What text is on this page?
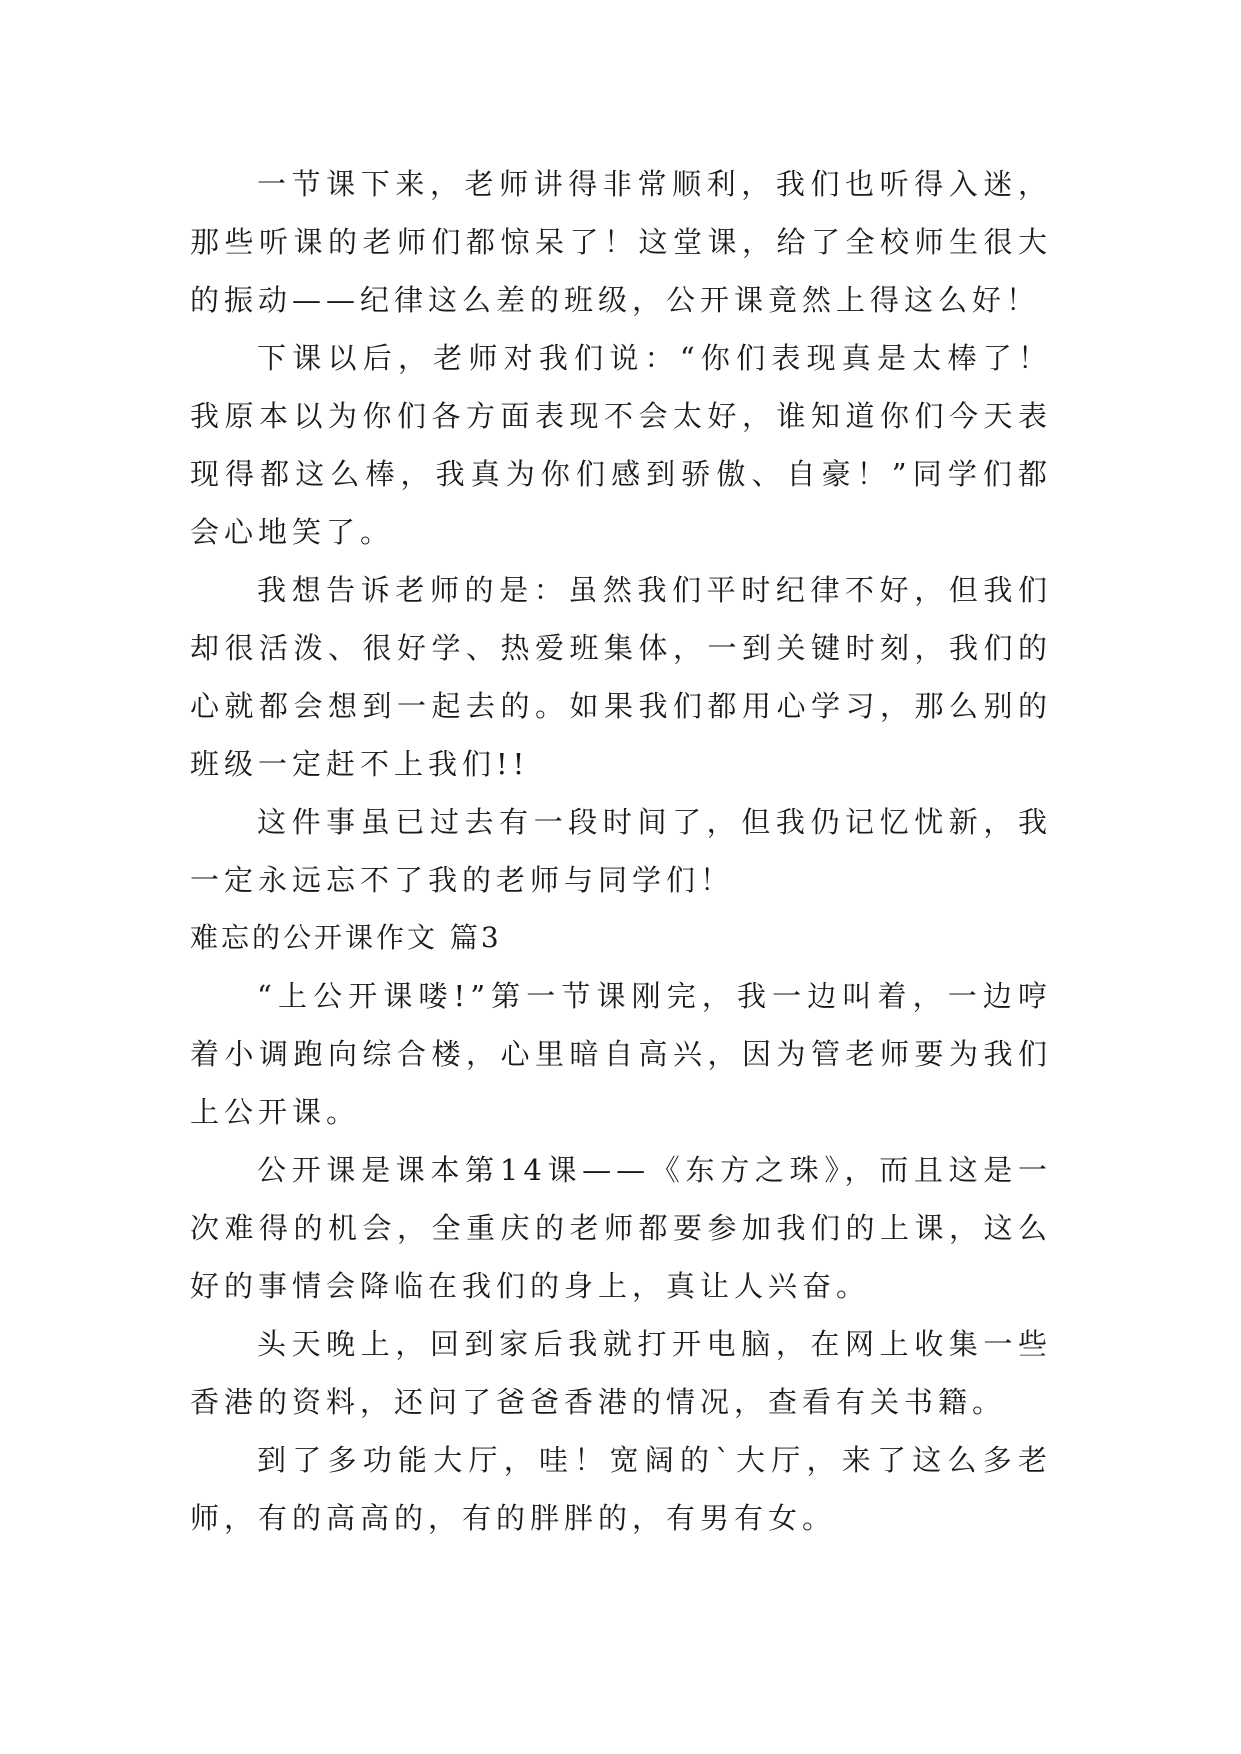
一节课下来，老师讲得非常顺利，我们也听得入迷，那些听课的老师们都惊呆了！这堂课，给了全校师生很大的振动——纪律这么差的班级，公开课竟然上得这么好！

下课以后，老师对我们说：“你们表现真是太棒了！我原本以为你们各方面表现不会太好，谁知道你们今天表现得都这么棒，我真为你们感到骄傲、自豪！”同学们都会心地笑了。

我想告诉老师的是：虽然我们平时纪律不好，但我们却很活泼、很好学、热爱班集体，一到关键时刻，我们的心就都会想到一起去的。如果我们都用心学习，那么别的班级一定赶不上我们!!

这件事虽已过去有一段时间了，但我仍记忆忧新，我一定永远忘不了我的老师与同学们！

难忘的公开课作文 篇3

“上公开课喽!”第一节课刚完，我一边叫着，一边哼着小调跑向综合楼，心里暗自高兴，因为管老师要为我们上公开课。

公开课是课本第14课——《东方之珠》，而且这是一次难得的机会，全重庆的老师都要参加我们的上课，这么好的事情会降临在我们的身上，真让人兴奋。

头天晚上，回到家后我就打开电脑，在网上收集一些香港的资料，还问了爸爸香港的情况，查看有关书籍。

到了多功能大厅，哇！宽阔的`大厅，来了这么多老师，有的高高的，有的胖胖的，有男有女。
